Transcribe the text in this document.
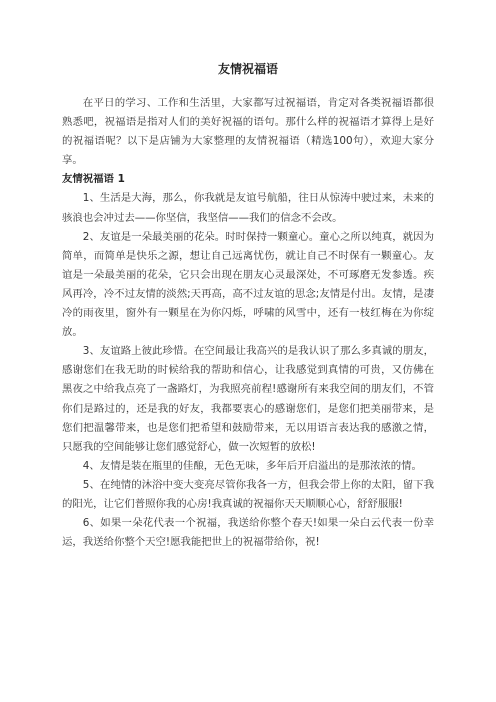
友情祝福语

在平日的学习、工作和生活里，大家都写过祝福语，肯定对各类祝福语都很熟悉吧，祝福语是指对人们的美好祝福的语句。那什么样的祝福语才算得上是好的祝福语呢？以下是店铺为大家整理的友情祝福语（精选100句），欢迎大家分享。

友情祝福语 1

1、生活是大海，那么，你我就是友谊号航船，往日从惊涛中驶过来，未来的骇浪也会冲过去——你坚信，我坚信——我们的信念不会改。

2、友谊是一朵最美丽的花朵。时时保持一颗童心。童心之所以纯真，就因为简单，而简单是快乐之源，想让自己远离忧伤，就让自己不时保有一颗童心。友谊是一朵最美丽的花朵，它只会出现在朋友心灵最深处，不可琢磨无发参透。疾风再冷，冷不过友情的淡然;天再高，高不过友谊的思念;友情是付出。友情，是凄冷的雨夜里，窗外有一颗星在为你闪烁，呼啸的风雪中，还有一枝红梅在为你绽放。

3、友谊路上彼此珍惜。在空间最让我高兴的是我认识了那么多真诚的朋友，感谢您们在我无助的时候给我的帮助和信心，让我感觉到真情的可贵，又仿佛在黑夜之中给我点亮了一盏路灯，为我照亮前程!感谢所有来我空间的朋友们，不管你们是路过的，还是我的好友，我都要衷心的感谢您们，是您们把美丽带来，是您们把温馨带来，也是您们把希望和鼓励带来，无以用语言表达我的感激之情，只愿我的空间能够让您们感觉舒心，做一次短暂的放松!

4、友情是装在瓶里的佳酿，无色无味，多年后开启溢出的是那浓浓的情。

5、在纯情的沐浴中变大变亮尽管你我各一方，但我会带上你的太阳，留下我的阳光，让它们普照你我的心房!我真诚的祝福你天天顺顺心心，舒舒服服!

6、如果一朵花代表一个祝福，我送给你整个春天!如果一朵白云代表一份幸运，我送给你整个天空!愿我能把世上的祝福带给你，祝!
